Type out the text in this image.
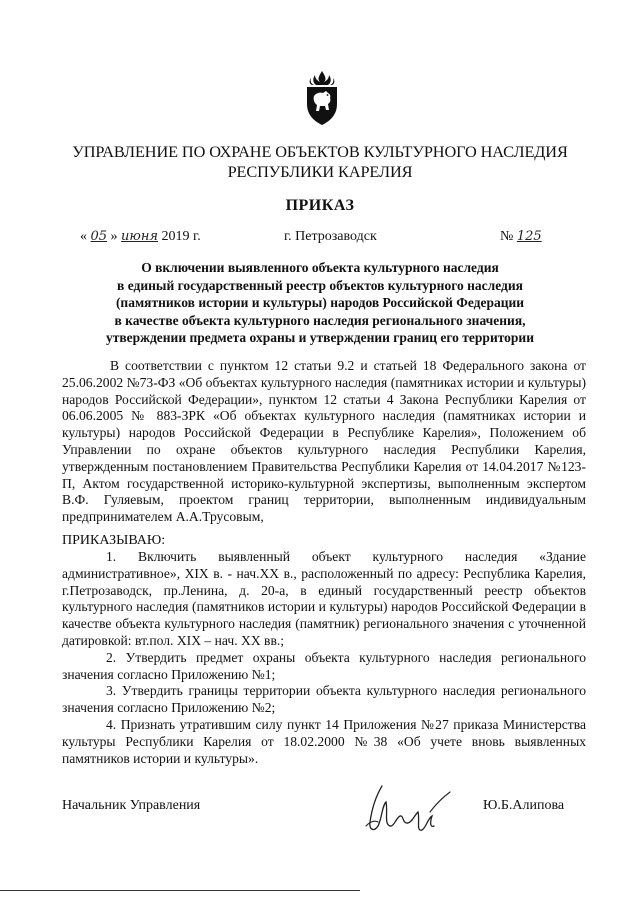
УПРАВЛЕНИЕ ПО ОХРАНЕ ОБЪЕКТОВ КУЛЬТУРНОГО НАСЛЕДИЯ
РЕСПУБЛИКИ КАРЕЛИЯ
ПРИКАЗ
« 05 » июня 2019 г.	г. Петрозаводск	№ 125
О включении выявленного объекта культурного наследия
в единый государственный реестр объектов культурного наследия
(памятников истории и культуры) народов Российской Федерации
в качестве объекта культурного наследия регионального значения,
утверждении предмета охраны и утверждении границ его территории
В соответствии с пунктом 12 статьи 9.2 и статьей 18 Федерального закона от 25.06.2002 №73-ФЗ «Об объектах культурного наследия (памятниках истории и культуры) народов Российской Федерации», пунктом 12 статьи 4 Закона Республики Карелия от 06.06.2005 № 883-ЗРК «Об объектах культурного наследия (памятниках истории и культуры) народов Российской Федерации в Республике Карелия», Положением об Управлении по охране объектов культурного наследия Республики Карелия, утвержденным постановлением Правительства Республики Карелия от 14.04.2017 №123-П, Актом государственной историко-культурной экспертизы, выполненным экспертом В.Ф. Гуляевым, проектом границ территории, выполненным индивидуальным предпринимателем А.А.Трусовым,
ПРИКАЗЫВАЮ:

1. Включить выявленный объект культурного наследия «Здание административное», XIX в. - нач.XX в., расположенный по адресу: Республика Карелия, г.Петрозаводск, пр.Ленина, д. 20-а, в единый государственный реестр объектов культурного наследия (памятников истории и культуры) народов Российской Федерации в качестве объекта культурного наследия (памятник) регионального значения с уточненной датировкой: вт.пол. XIX – нач. XX вв.;

2. Утвердить предмет охраны объекта культурного наследия регионального значения согласно Приложению №1;

3. Утвердить границы территории объекта культурного наследия регионального значения согласно Приложению №2;

4. Признать утратившим силу пункт 14 Приложения №27 приказа Министерства культуры Республики Карелия от 18.02.2000 №38 «Об учете вновь выявленных памятников истории и культуры».

Начальник Управления	Ю.Б.Алипова
